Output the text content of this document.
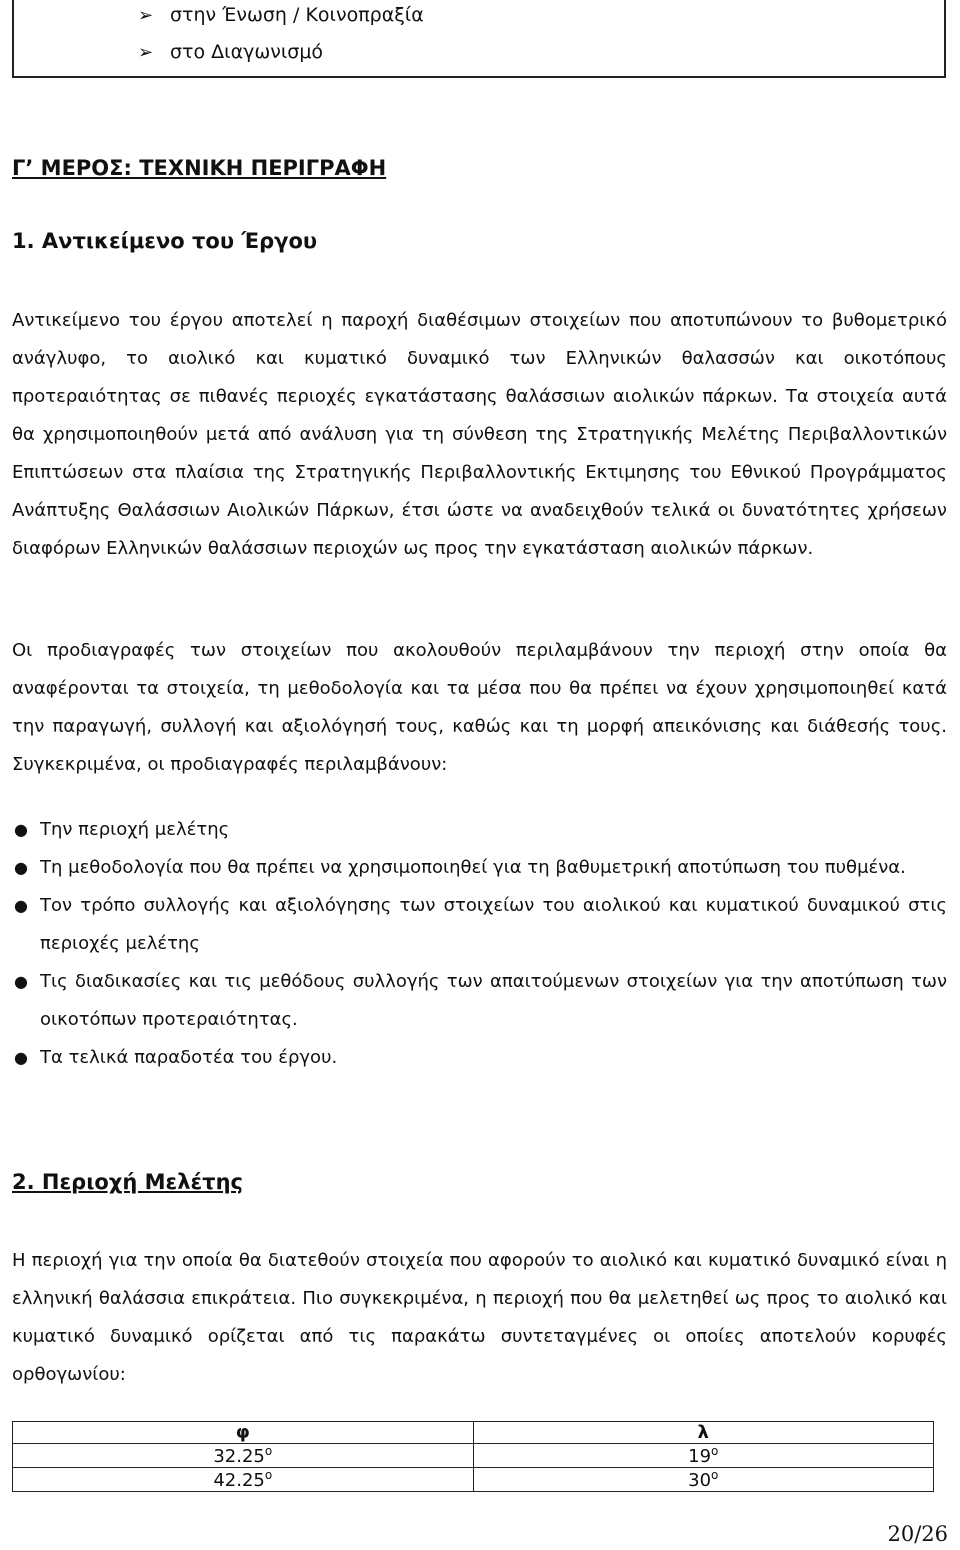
➢ στην Ένωση / Κοινοπραξία
➢ στο Διαγωνισμό
Γ’ ΜΕΡΟΣ: ΤΕΧΝΙΚΗ ΠΕΡΙΓΡΑΦΗ
1. Αντικείμενο του Έργου
Αντικείμενο του έργου αποτελεί η παροχή διαθέσιμων στοιχείων που αποτυπώνουν το βυθομετρικό ανάγλυφο, το αιολικό και κυματικό δυναμικό των Ελληνικών θαλασσών και οικοτόπους προτεραιότητας σε πιθανές περιοχές εγκατάστασης θαλάσσιων αιολικών πάρκων. Τα στοιχεία αυτά θα χρησιμοποιηθούν μετά από ανάλυση για τη σύνθεση της Στρατηγικής Μελέτης Περιβαλλοντικών Επιπτώσεων στα πλαίσια της Στρατηγικής Περιβαλλοντικής Εκτιμησης του Εθνικού Προγράμματος Ανάπτυξης Θαλάσσιων Αιολικών Πάρκων, έτσι ώστε να αναδειχθούν τελικά οι δυνατότητες χρήσεων διαφόρων Ελληνικών θαλάσσιων περιοχών ως προς την εγκατάσταση αιολικών πάρκων.
Οι προδιαγραφές των στοιχείων που ακολουθούν περιλαμβάνουν την περιοχή στην οποία θα αναφέρονται τα στοιχεία, τη μεθοδολογία και τα μέσα που θα πρέπει να έχουν χρησιμοποιηθεί κατά την παραγωγή, συλλογή και αξιολόγησή τους, καθώς και τη μορφή απεικόνισης και διάθεσής τους. Συγκεκριμένα, οι προδιαγραφές περιλαμβάνουν:
● Την περιοχή μελέτης
● Τη μεθοδολογία που θα πρέπει να χρησιμοποιηθεί για τη βαθυμετρική αποτύπωση του πυθμένα.
● Τον τρόπο συλλογής και αξιολόγησης των στοιχείων του αιολικού και κυματικού δυναμικού στις περιοχές μελέτης
● Τις διαδικασίες και τις μεθόδους συλλογής των απαιτούμενων στοιχείων για την αποτύπωση των οικοτόπων προτεραιότητας.
● Τα τελικά παραδοτέα του έργου.
2. Περιοχή Μελέτης
Η περιοχή για την οποία θα διατεθούν στοιχεία που αφορούν το αιολικό και κυματικό δυναμικό είναι η ελληνική θαλάσσια επικράτεια. Πιο συγκεκριμένα, η περιοχή που θα μελετηθεί ως προς το αιολικό και κυματικό δυναμικό ορίζεται από τις παρακάτω συντεταγμένες οι οποίες αποτελούν κορυφές ορθογωνίου:
φ	λ
32.25$^o$	19$^o$
42.25$^o$	30$^o$
20/26
